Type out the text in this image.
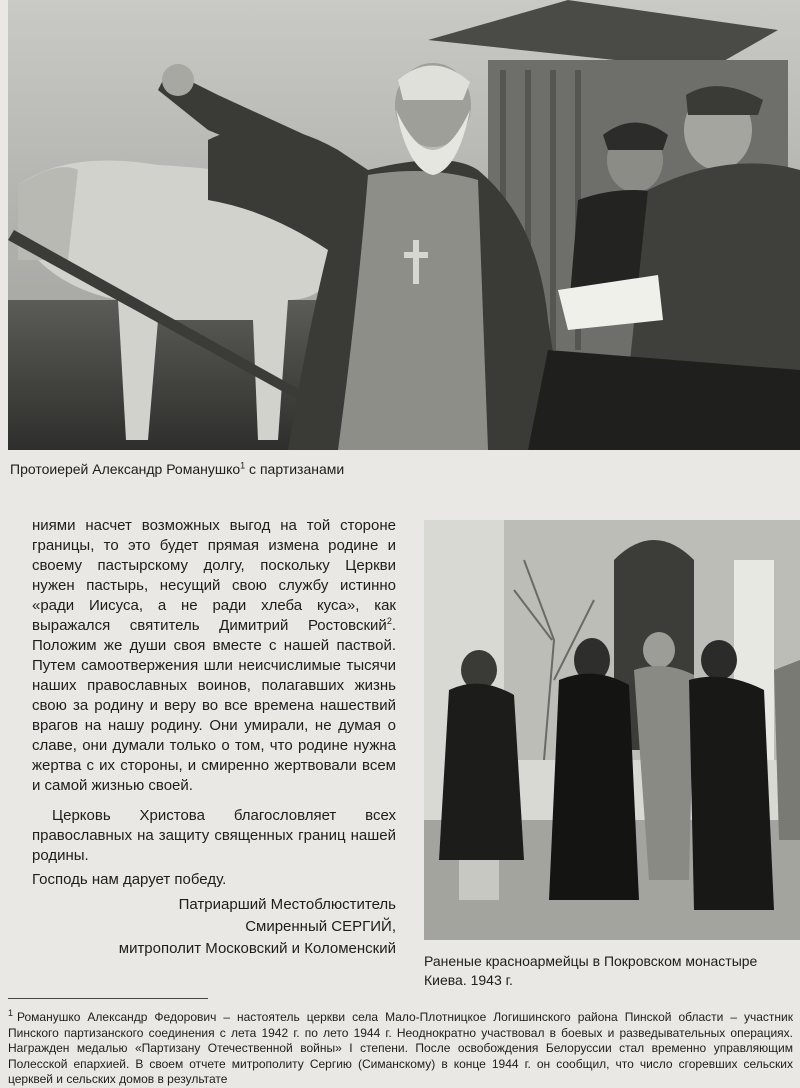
Протоиерей Александр Романушко$^1$ с партизанами

ниями насчет возможных выгод на той стороне границы, то это будет прямая измена родине и своему пастырскому долгу, поскольку Церкви нужен пастырь, несущий свою службу истинно «ради Иисуса, а не ради хлеба куса», как выражался святитель Димитрий Ростовский$^2$. Положим же души своя вместе с нашей паствой. Путем самоотвержения шли неисчислимые тысячи наших православных воинов, полагавших жизнь свою за родину и веру во все времена нашествий врагов на нашу родину. Они умирали, не думая о славе, они думали только о том, что родине нужна жертва с их стороны, и смиренно жертвовали всем и самой жизнью своей.

Церковь Христова благословляет всех православных на защиту священных границ нашей родины.

Господь нам дарует победу.

Патриарший Местоблюститель
Смиренный СЕРГИЙ,
митрополит Московский и Коломенский
Раненые красноармейцы в Покровском монастыре Киева. 1943 г.
$^1$ Романушко Александр Федорович – настоятель церкви села Мало-Плотницкое Логишинского района Пинской области – участник Пинского партизанского соединения с лета 1942 г. по лето 1944 г. Неоднократно участвовал в боевых и разведывательных операциях. Награжден медалью «Партизану Отечественной войны» I степени. После освобождения Белоруссии стал временно управляющим Полесской епархией. В своем отчете митрополиту Сергию (Симанскому) в конце 1944 г. он сообщил, что число сгоревших сельских церквей и сельских домов в результате
